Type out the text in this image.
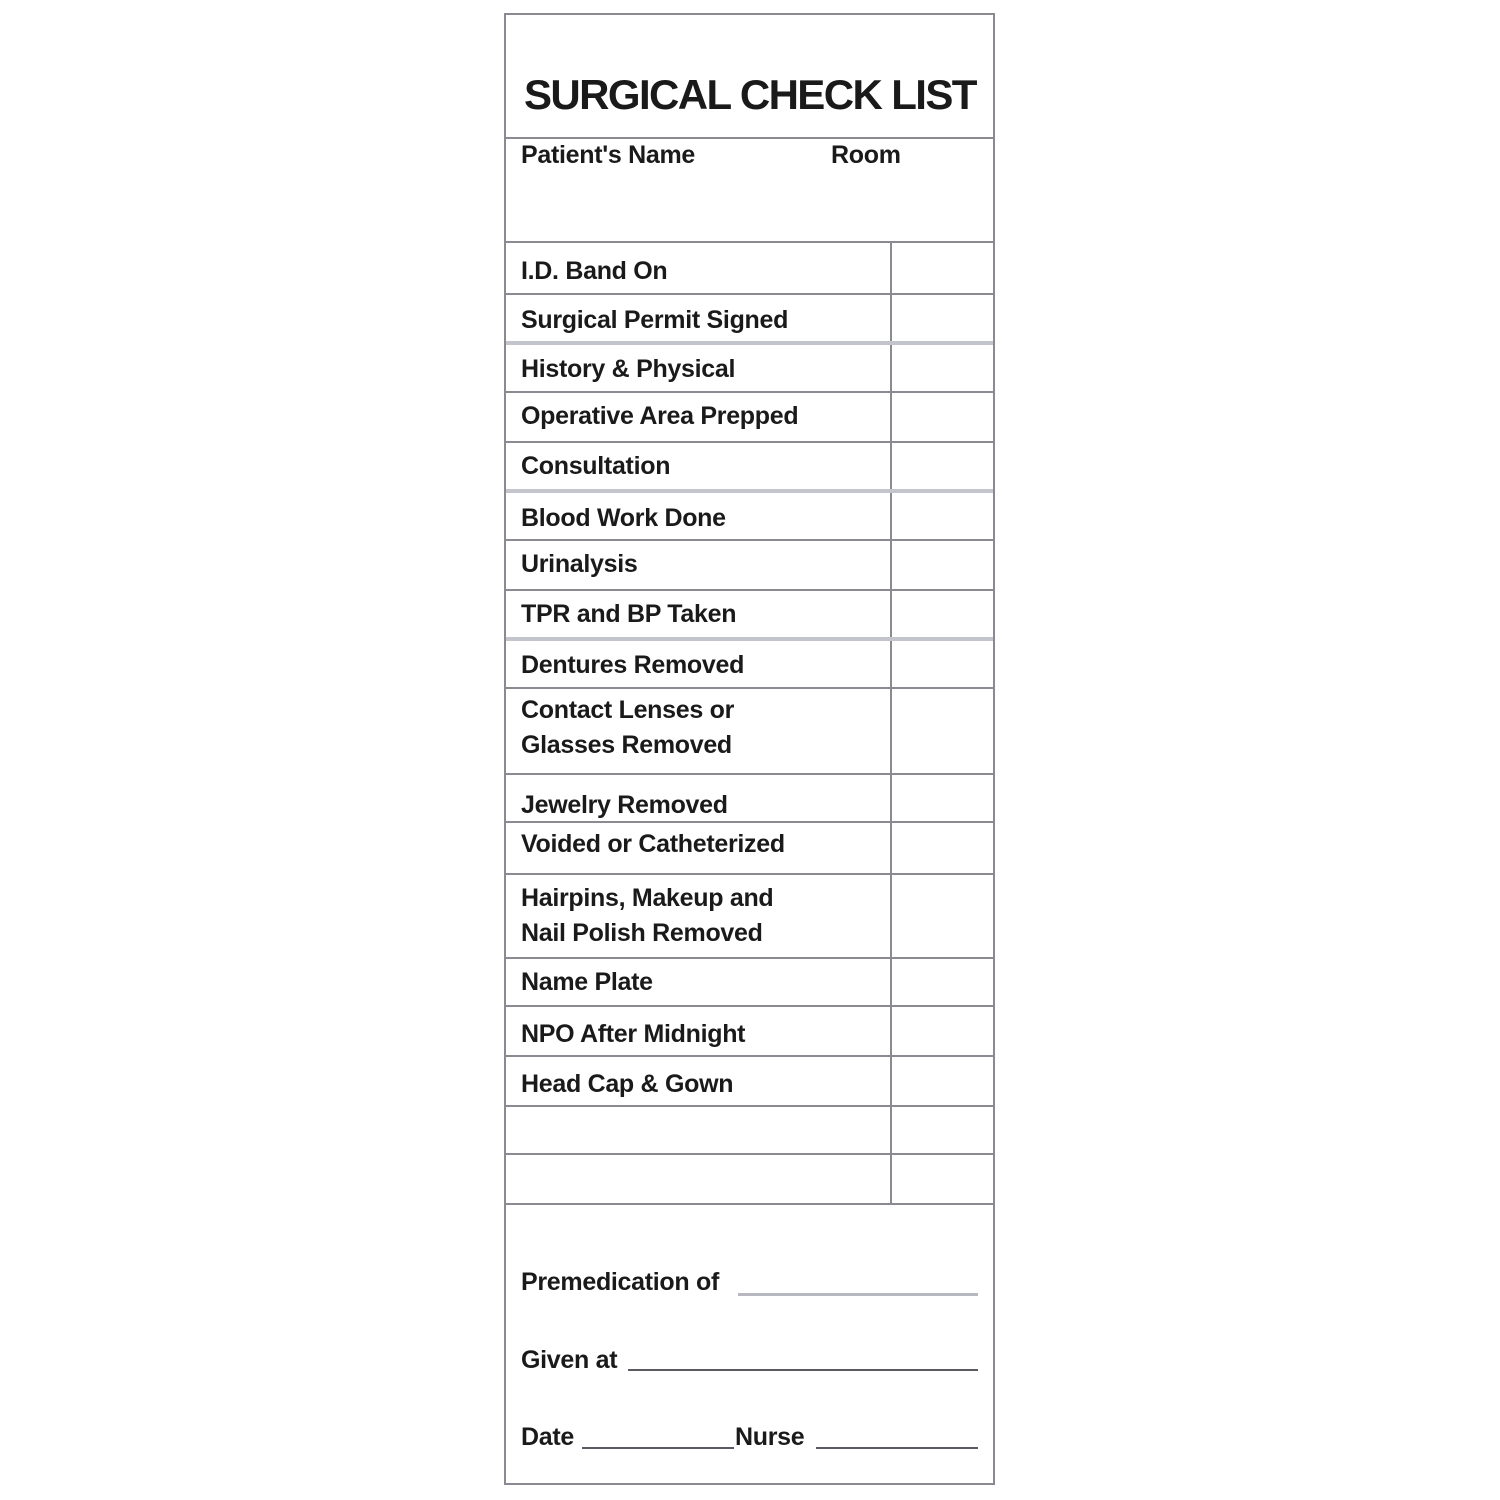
SURGICAL CHECK LIST
Patient's Name	Room
I.D. Band On
Surgical Permit Signed
History & Physical
Operative Area Prepped
Consultation
Blood Work Done
Urinalysis
TPR and BP Taken
Dentures Removed
Contact Lenses or
Glasses Removed
Jewelry Removed
Voided or Catheterized
Hairpins, Makeup and
Nail Polish Removed
Name Plate
NPO After Midnight
Head Cap & Gown
Premedication of
Given at
Date	Nurse
